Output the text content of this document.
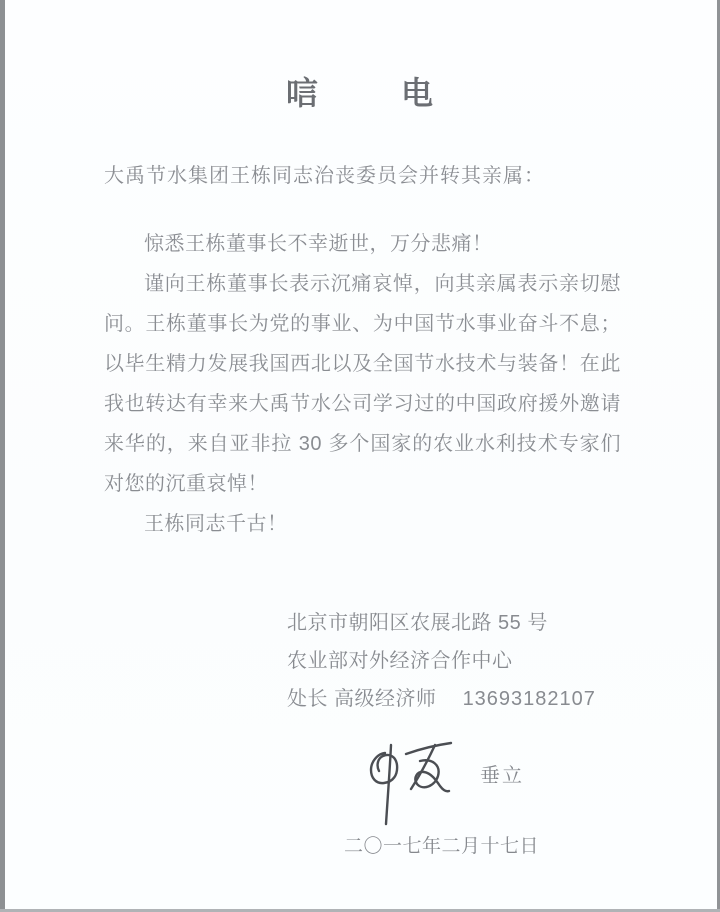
唁	电
大禹节水集团王栋同志治丧委员会并转其亲属：

惊悉王栋董事长不幸逝世，万分悲痛！

谨向王栋董事长表示沉痛哀悼，向其亲属表示亲切慰问。王栋董事长为党的事业、为中国节水事业奋斗不息；以毕生精力发展我国西北以及全国节水技术与装备！在此我也转达有幸来大禹节水公司学习过的中国政府援外邀请来华的，来自亚非拉 30 多个国家的农业水利技术专家们对您的沉重哀悼！

王栋同志千古！

北京市朝阳区农展北路 55 号
农业部对外经济合作中心
处长 高级经济师 13693182107
垂立
二〇一七年二月十七日
